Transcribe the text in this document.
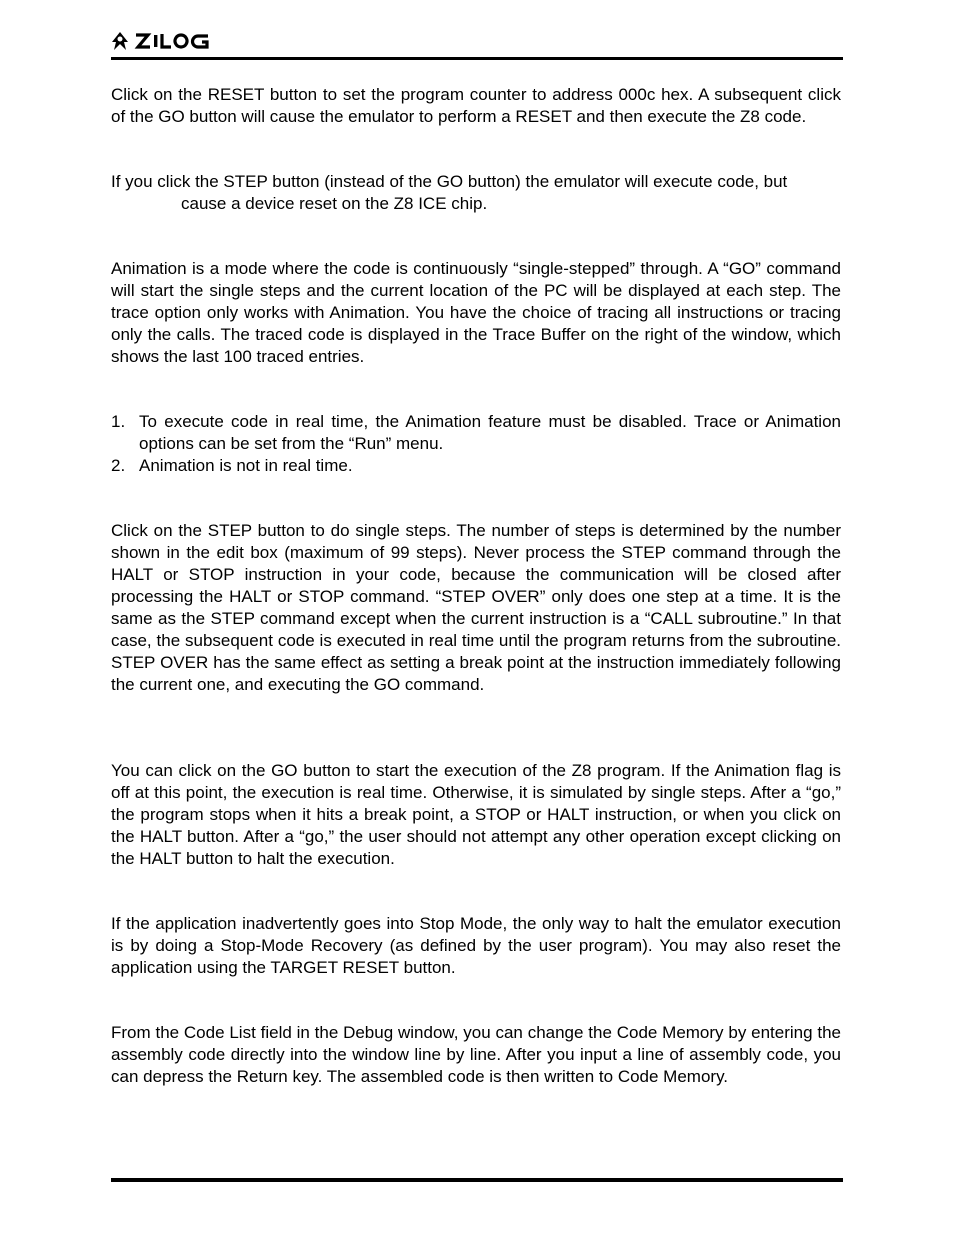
Click on the RESET button to set the program counter to address 000c hex. A subsequent click of the GO button will cause the emulator to perform a RESET and then execute the Z8 code.

If you click the STEP button (instead of the GO button) the emulator will execute code, but
cause a device reset on the Z8 ICE chip.

Animation is a mode where the code is continuously “single-stepped” through. A “GO” command will start the single steps and the current location of the PC will be displayed at each step. The trace option only works with Animation. You have the choice of tracing all instructions or tracing only the calls. The traced code is displayed in the Trace Buffer on the right of the window, which shows the last 100 traced entries.

1. To execute code in real time, the Animation feature must be disabled. Trace or Animation options can be set from the “Run” menu.
2. Animation is not in real time.

Click on the STEP button to do single steps. The number of steps is determined by the number shown in the edit box (maximum of 99 steps). Never process the STEP command through the HALT or STOP instruction in your code, because the communication will be closed after processing the HALT or STOP command. “STEP OVER” only does one step at a time. It is the same as the STEP command except when the current instruction is a “CALL subroutine.” In that case, the subsequent code is executed in real time until the program returns from the subroutine. STEP OVER has the same effect as setting a break point at the instruction immediately following the current one, and executing the GO command.

You can click on the GO button to start the execution of the Z8 program. If the Animation flag is off at this point, the execution is real time. Otherwise, it is simulated by single steps. After a “go,” the program stops when it hits a break point, a STOP or HALT instruction, or when you click on the HALT button. After a “go,” the user should not attempt any other operation except clicking on the HALT button to halt the execution.

If the application inadvertently goes into Stop Mode, the only way to halt the emulator execution is by doing a Stop-Mode Recovery (as defined by the user program). You may also reset the application using the TARGET RESET button.

From the Code List field in the Debug window, you can change the Code Memory by entering the assembly code directly into the window line by line. After you input a line of assembly code, you can depress the Return key. The assembled code is then written to Code Memory.
